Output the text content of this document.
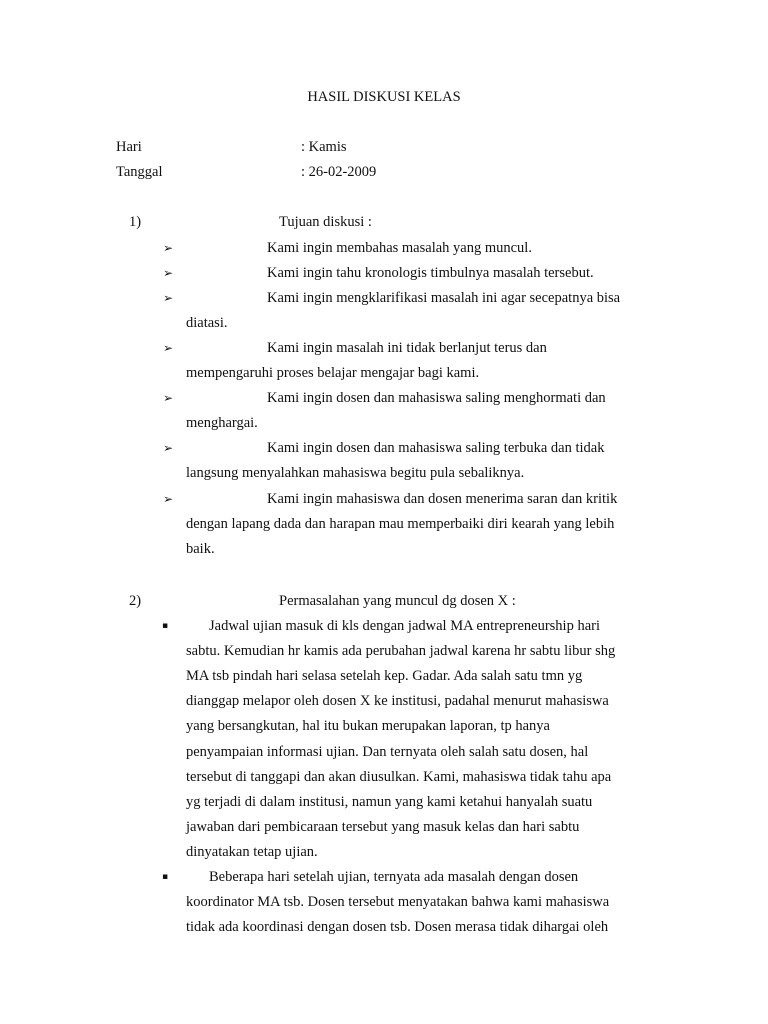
HASIL DISKUSI KELAS
Hari	: Kamis
Tanggal	: 26-02-2009
1)	Tujuan diskusi :
2)	Permasalahan yang muncul dg dosen X :
➢	Kami ingin membahas masalah yang muncul.
➢	Kami ingin tahu kronologis timbulnya masalah tersebut.
➢	Kami ingin mengklarifikasi masalah ini agar secepatnya bisa
diatasi.
➢	Kami ingin masalah ini tidak berlanjut terus dan
mempengaruhi proses belajar mengajar bagi kami.
➢	Kami ingin dosen dan mahasiswa saling menghormati dan
menghargai.
➢	Kami ingin dosen dan mahasiswa saling terbuka dan tidak
langsung menyalahkan mahasiswa begitu pula sebaliknya.
➢	Kami ingin mahasiswa dan dosen menerima saran dan kritik
dengan lapang dada dan harapan mau memperbaiki diri kearah yang lebih
baik.
▪	Jadwal ujian masuk di kls dengan jadwal MA entrepreneurship hari
sabtu. Kemudian hr kamis ada perubahan jadwal karena hr sabtu libur shg
MA tsb pindah hari selasa setelah kep. Gadar. Ada salah satu tmn yg
dianggap melapor oleh dosen X ke institusi, padahal menurut mahasiswa
yang bersangkutan, hal itu bukan merupakan laporan, tp hanya
penyampaian informasi ujian. Dan ternyata oleh salah satu dosen, hal
tersebut di tanggapi dan akan diusulkan. Kami, mahasiswa tidak tahu apa
yg terjadi di dalam institusi, namun yang kami ketahui hanyalah suatu
jawaban dari pembicaraan tersebut yang masuk kelas dan hari sabtu
dinyatakan tetap ujian.
▪	Beberapa hari setelah ujian, ternyata ada masalah dengan dosen
koordinator MA tsb. Dosen tersebut menyatakan bahwa kami mahasiswa
tidak ada koordinasi dengan dosen tsb. Dosen merasa tidak dihargai oleh
